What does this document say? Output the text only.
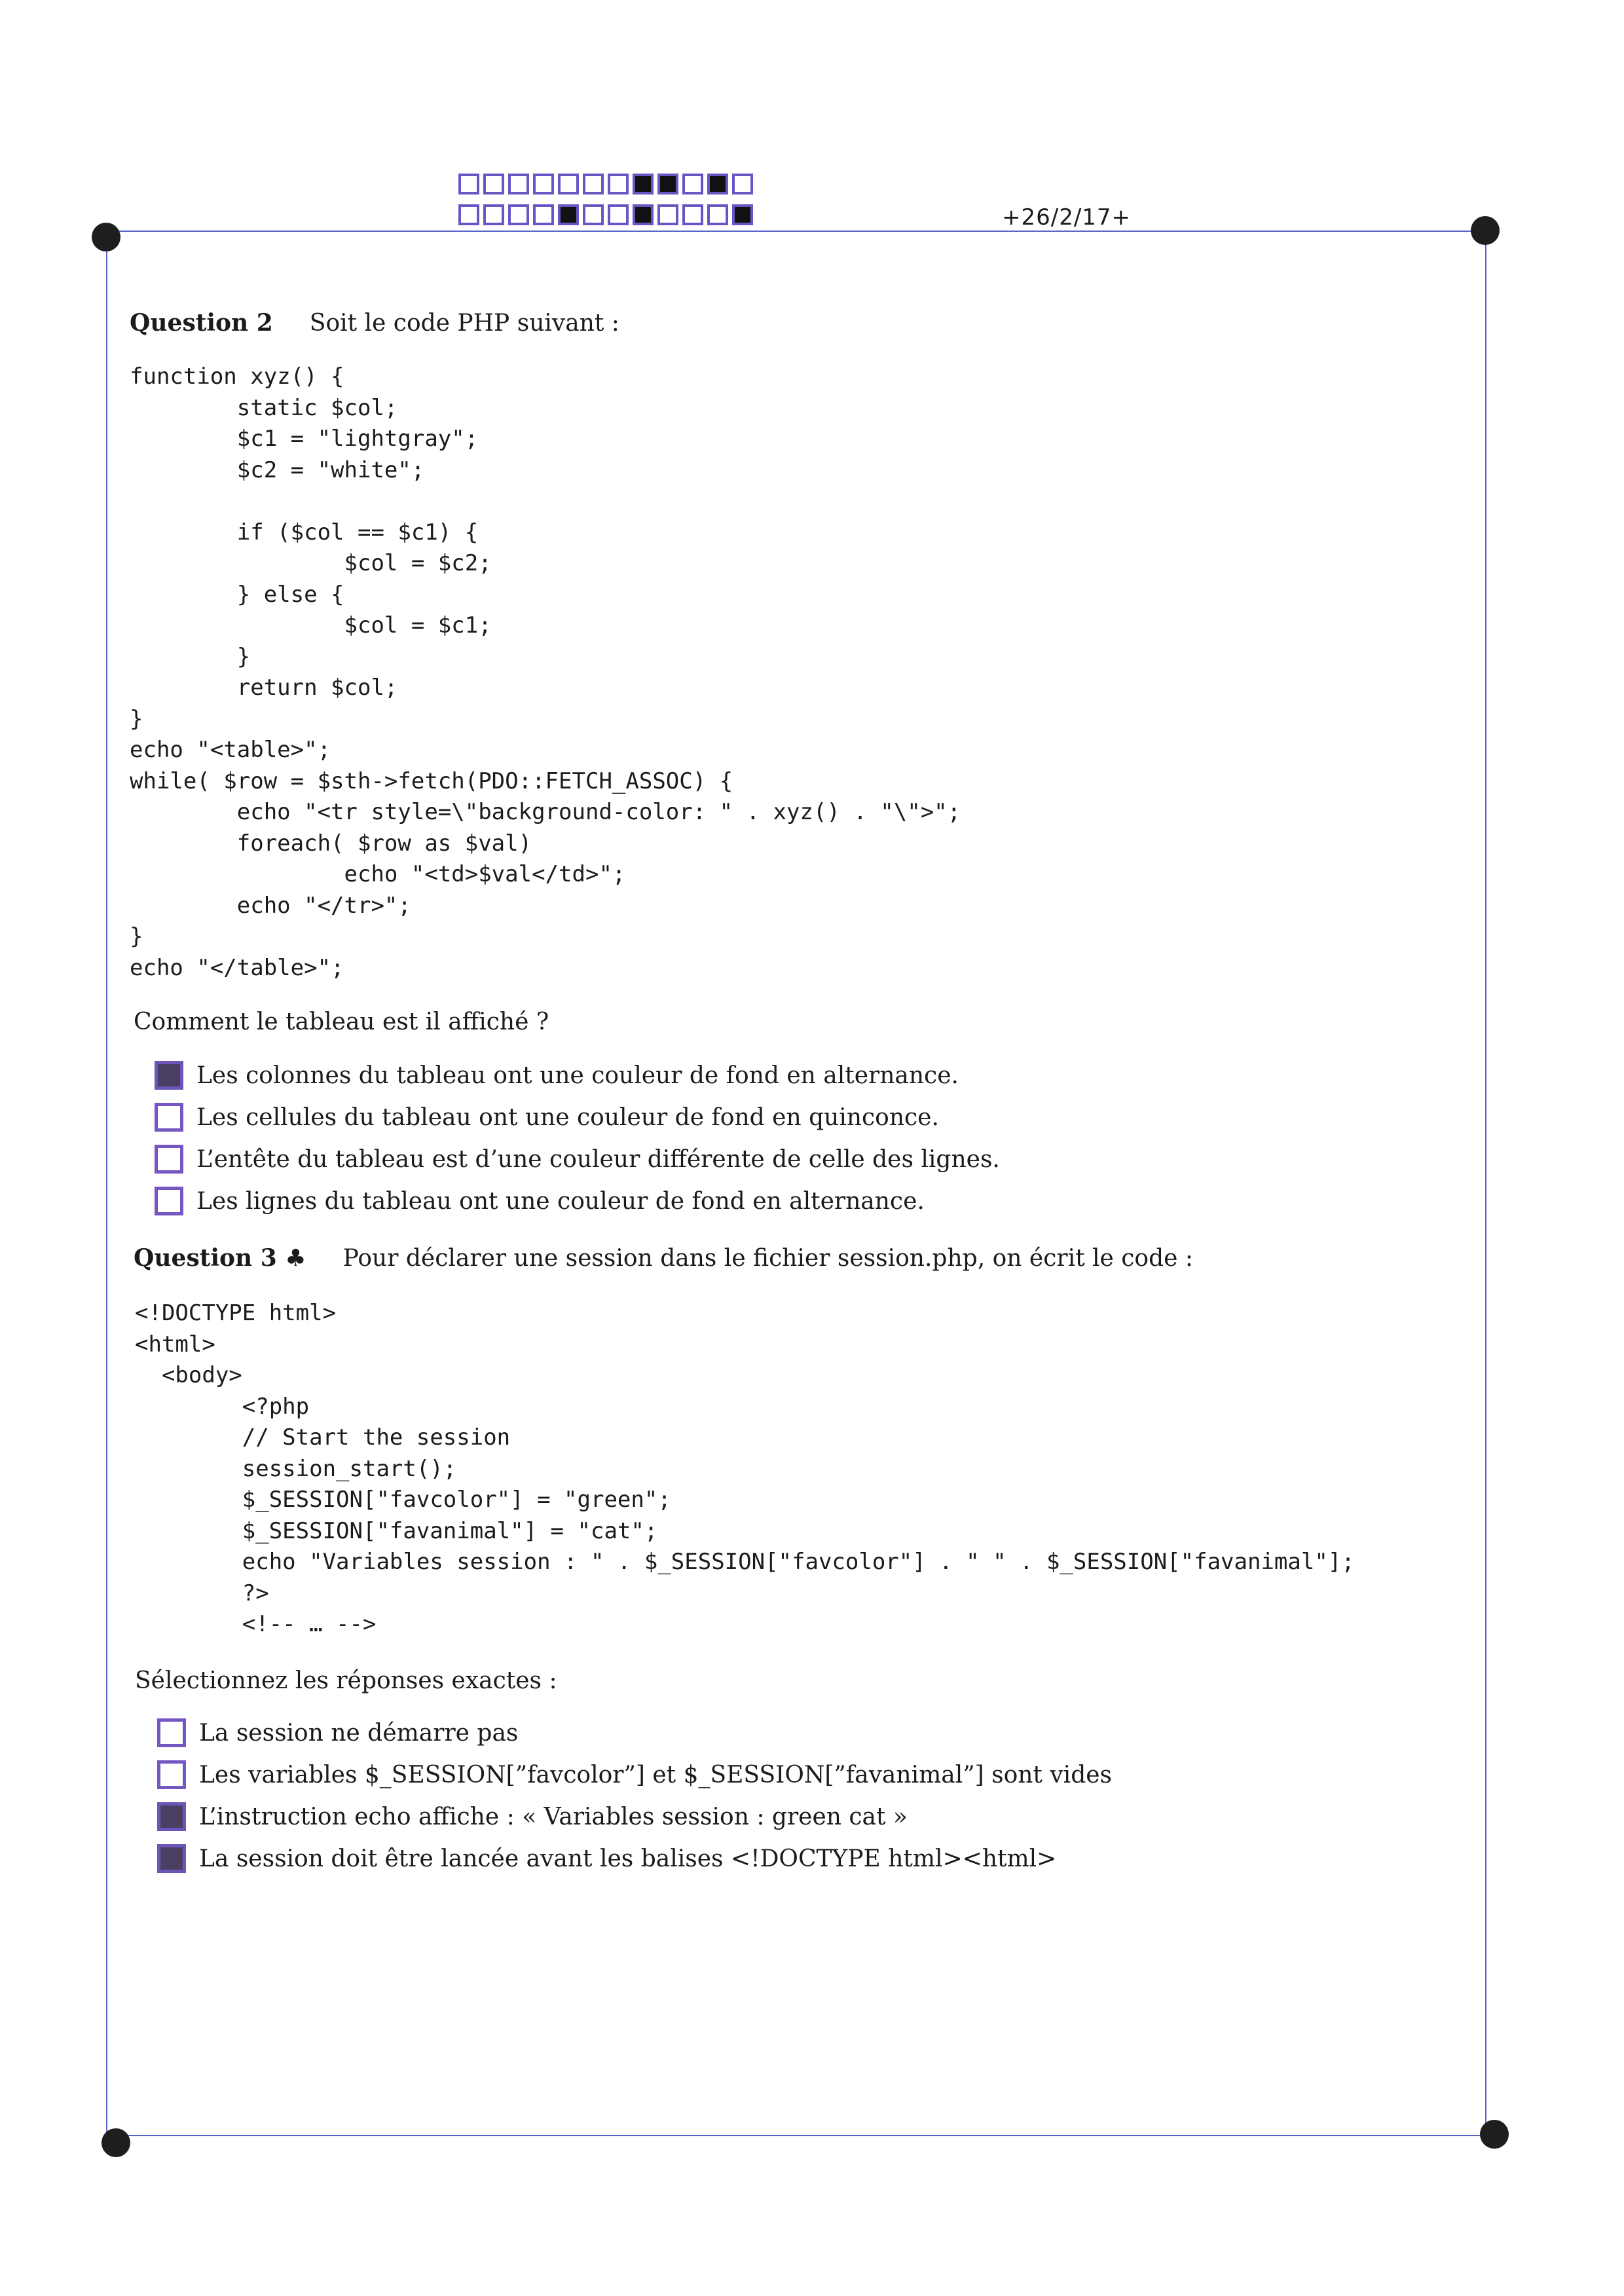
+26/2/17+
Question 2 Soit le code PHP suivant :
function xyz() {
static $col;
$c1 = "lightgray";
$c2 = "white";

if ($col == $c1) {
$col = $c2;
} else {
$col = $c1;
}
return $col;
}
echo "<table>";
while( $row = $sth->fetch(PDO::FETCH_ASSOC) {
echo "<tr style=\"background-color: " . xyz() . "\">";
foreach( $row as $val)
echo "<td>$val</td>";
echo "</tr>";
}
echo "</table>";
Comment le tableau est il affiché ?
Les colonnes du tableau ont une couleur de fond en alternance.
Les cellules du tableau ont une couleur de fond en quinconce.
L’entête du tableau est d’une couleur différente de celle des lignes.
Les lignes du tableau ont une couleur de fond en alternance.
Question 3 ♣ Pour déclarer une session dans le fichier session.php, on écrit le code :
<!DOCTYPE html>
<html>
<body>
<?php
// Start the session
session_start();
$_SESSION["favcolor"] = "green";
$_SESSION["favanimal"] = "cat";
echo "Variables session : " . $_SESSION["favcolor"] . " " . $_SESSION["favanimal"];
?>
<!-- … -->
Sélectionnez les réponses exactes :
La session ne démarre pas
Les variables $_SESSION[”favcolor”] et $_SESSION[”favanimal”] sont vides
L’instruction echo affiche : « Variables session : green cat »
La session doit être lancée avant les balises <!DOCTYPE html><html>
